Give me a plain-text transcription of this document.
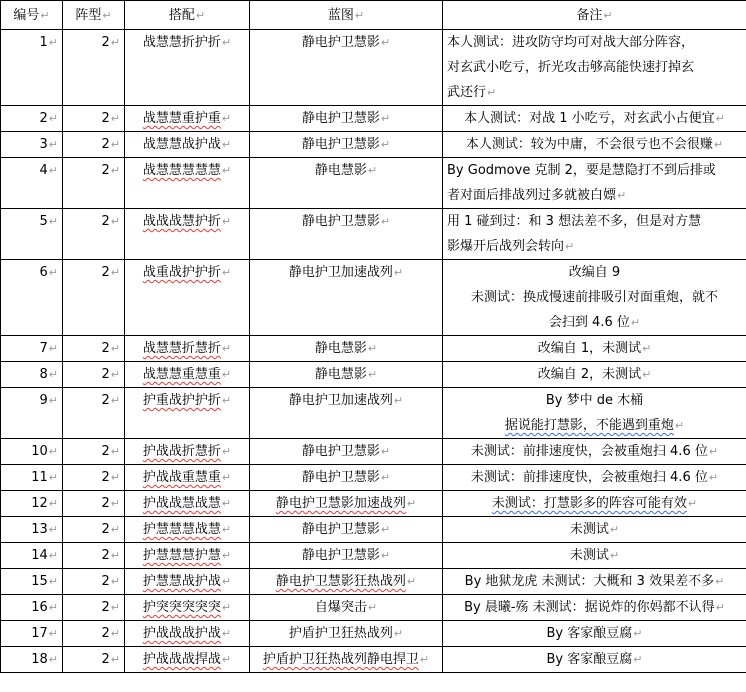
编号↵	阵型↵	搭配↵	蓝图↵	备注↵
1↵	2↵	战慧慧折护折↵	静电护卫慧影↵	本人测试：进攻防守均可对战大部分阵容，
对玄武小吃亏，折光攻击够高能快速打掉玄
武还行↵

2↵	2↵	战慧慧重护重↵	静电护卫慧影↵	本人测试：对战 1 小吃亏，对玄武小占便宜↵

3↵	2↵	战慧慧战护战↵	静电护卫慧影↵	本人测试：较为中庸，不会很亏也不会很赚↵

4↵	2↵	战慧慧慧慧慧↵	静电慧影↵	By Godmove 克制 2，要是慧隐打不到后排或
者对面后排战列过多就被白嫖↵

5↵	2↵	战战战慧护折↵	静电护卫慧影↵	用 1 碰到过：和 3 想法差不多，但是对方慧
影爆开后战列会转向↵

6↵	2↵	战重战护护折↵	静电护卫加速战列↵	改编自 9
未测试：换成慢速前排吸引对面重炮，就不
会扫到 4.6 位↵

7↵	2↵	战慧慧折慧折↵	静电慧影↵	改编自 1，未测试↵

8↵	2↵	战慧慧重慧重↵	静电慧影↵	改编自 2，未测试↵

9↵	2↵	护重战护护折↵	静电护卫加速战列↵	By 梦中 de 木桶
据说能打慧影，不能遇到重炮↵

10↵	2↵	护战战折慧折↵	静电护卫慧影↵	未测试：前排速度快，会被重炮扫 4.6 位↵

11↵	2↵	护战战重慧重↵	静电护卫慧影↵	未测试：前排速度快，会被重炮扫 4.6 位↵

12↵	2↵	护战战慧战慧↵	静电护卫慧影加速战列↵	未测试：打慧影多的阵容可能有效↵

13↵	2↵	护慧慧慧战慧↵	静电护卫慧影↵	未测试↵

14↵	2↵	护慧慧慧护慧↵	静电护卫慧影↵	未测试↵

15↵	2↵	护慧慧战护战↵	静电护卫慧影狂热战列↵	By 地狱龙虎 未测试：大概和 3 效果差不多↵

16↵	2↵	护突突突突突↵	自爆突击↵	By 晨曦-殇 未测试：据说炸的你妈都不认得↵

17↵	2↵	护战战战护战↵	护盾护卫狂热战列↵	By 客家酿豆腐↵

18↵	2↵	护战战战捍战↵	护盾护卫狂热战列静电捍卫↵	By 客家酿豆腐↵
